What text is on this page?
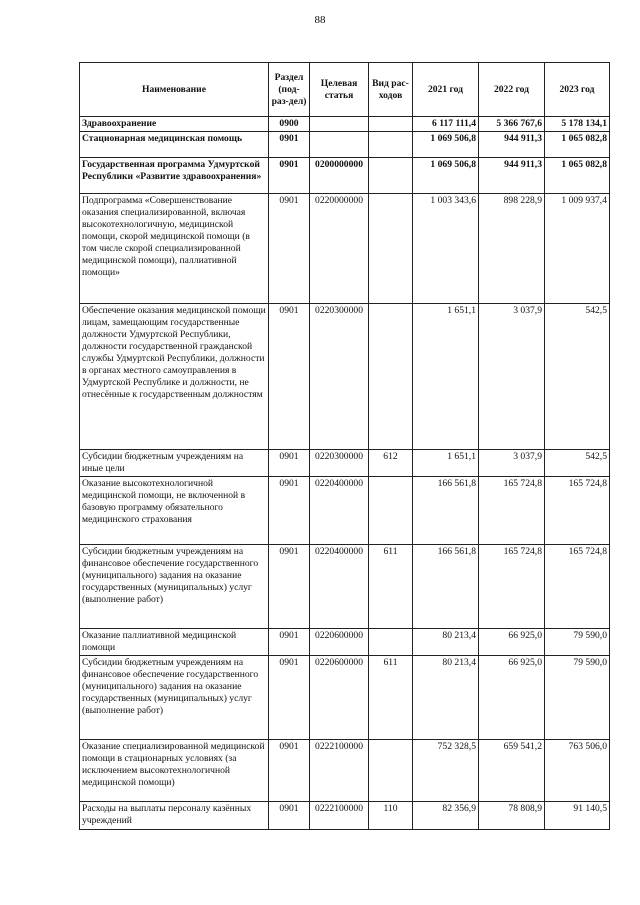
88
Наименование	Раздел (под-раз-дел)	Целевая статья	Вид рас-ходов	2021 год	2022 год	2023 год
Здравоохранение	0900			6 117 111,4	5 366 767,6	5 178 134,1
Стационарная медицинская помощь	0901			1 069 506,8	944 911,3	1 065 082,8
Государственная программа Удмуртской Республики «Развитие здравоохранения»	0901	0200000000		1 069 506,8	944 911,3	1 065 082,8
Подпрограмма «Совершенствование оказания специализированной, включая высокотехнологичную, медицинской помощи, скорой медицинской помощи (в том числе скорой специализированной медицинской помощи), паллиативной помощи»	0901	0220000000		1 003 343,6	898 228,9	1 009 937,4
Обеспечение оказания медицинской помощи лицам, замещающим государственные должности Удмуртской Республики, должности государственной гражданской службы Удмуртской Республики, должности в органах местного самоуправления в Удмуртской Республике и должности, не отнесённые к государственным должностям	0901	0220300000		1 651,1	3 037,9	542,5
Субсидии бюджетным учреждениям на иные цели	0901	0220300000	612	1 651,1	3 037,9	542,5
Оказание высокотехнологичной медицинской помощи, не включенной в базовую программу обязательного медицинского страхования	0901	0220400000		166 561,8	165 724,8	165 724,8
Субсидии бюджетным учреждениям на финансовое обеспечение государственного (муниципального) задания на оказание государственных (муниципальных) услуг (выполнение работ)	0901	0220400000	611	166 561,8	165 724,8	165 724,8
Оказание паллиативной медицинской помощи	0901	0220600000		80 213,4	66 925,0	79 590,0
Субсидии бюджетным учреждениям на финансовое обеспечение государственного (муниципального) задания на оказание государственных (муниципальных) услуг (выполнение работ)	0901	0220600000	611	80 213,4	66 925,0	79 590,0
Оказание специализированной медицинской помощи в стационарных условиях (за исключением высокотехнологичной медицинской помощи)	0901	0222100000		752 328,5	659 541,2	763 506,0
Расходы на выплаты персоналу казённых учреждений	0901	0222100000	110	82 356,9	78 808,9	91 140,5
